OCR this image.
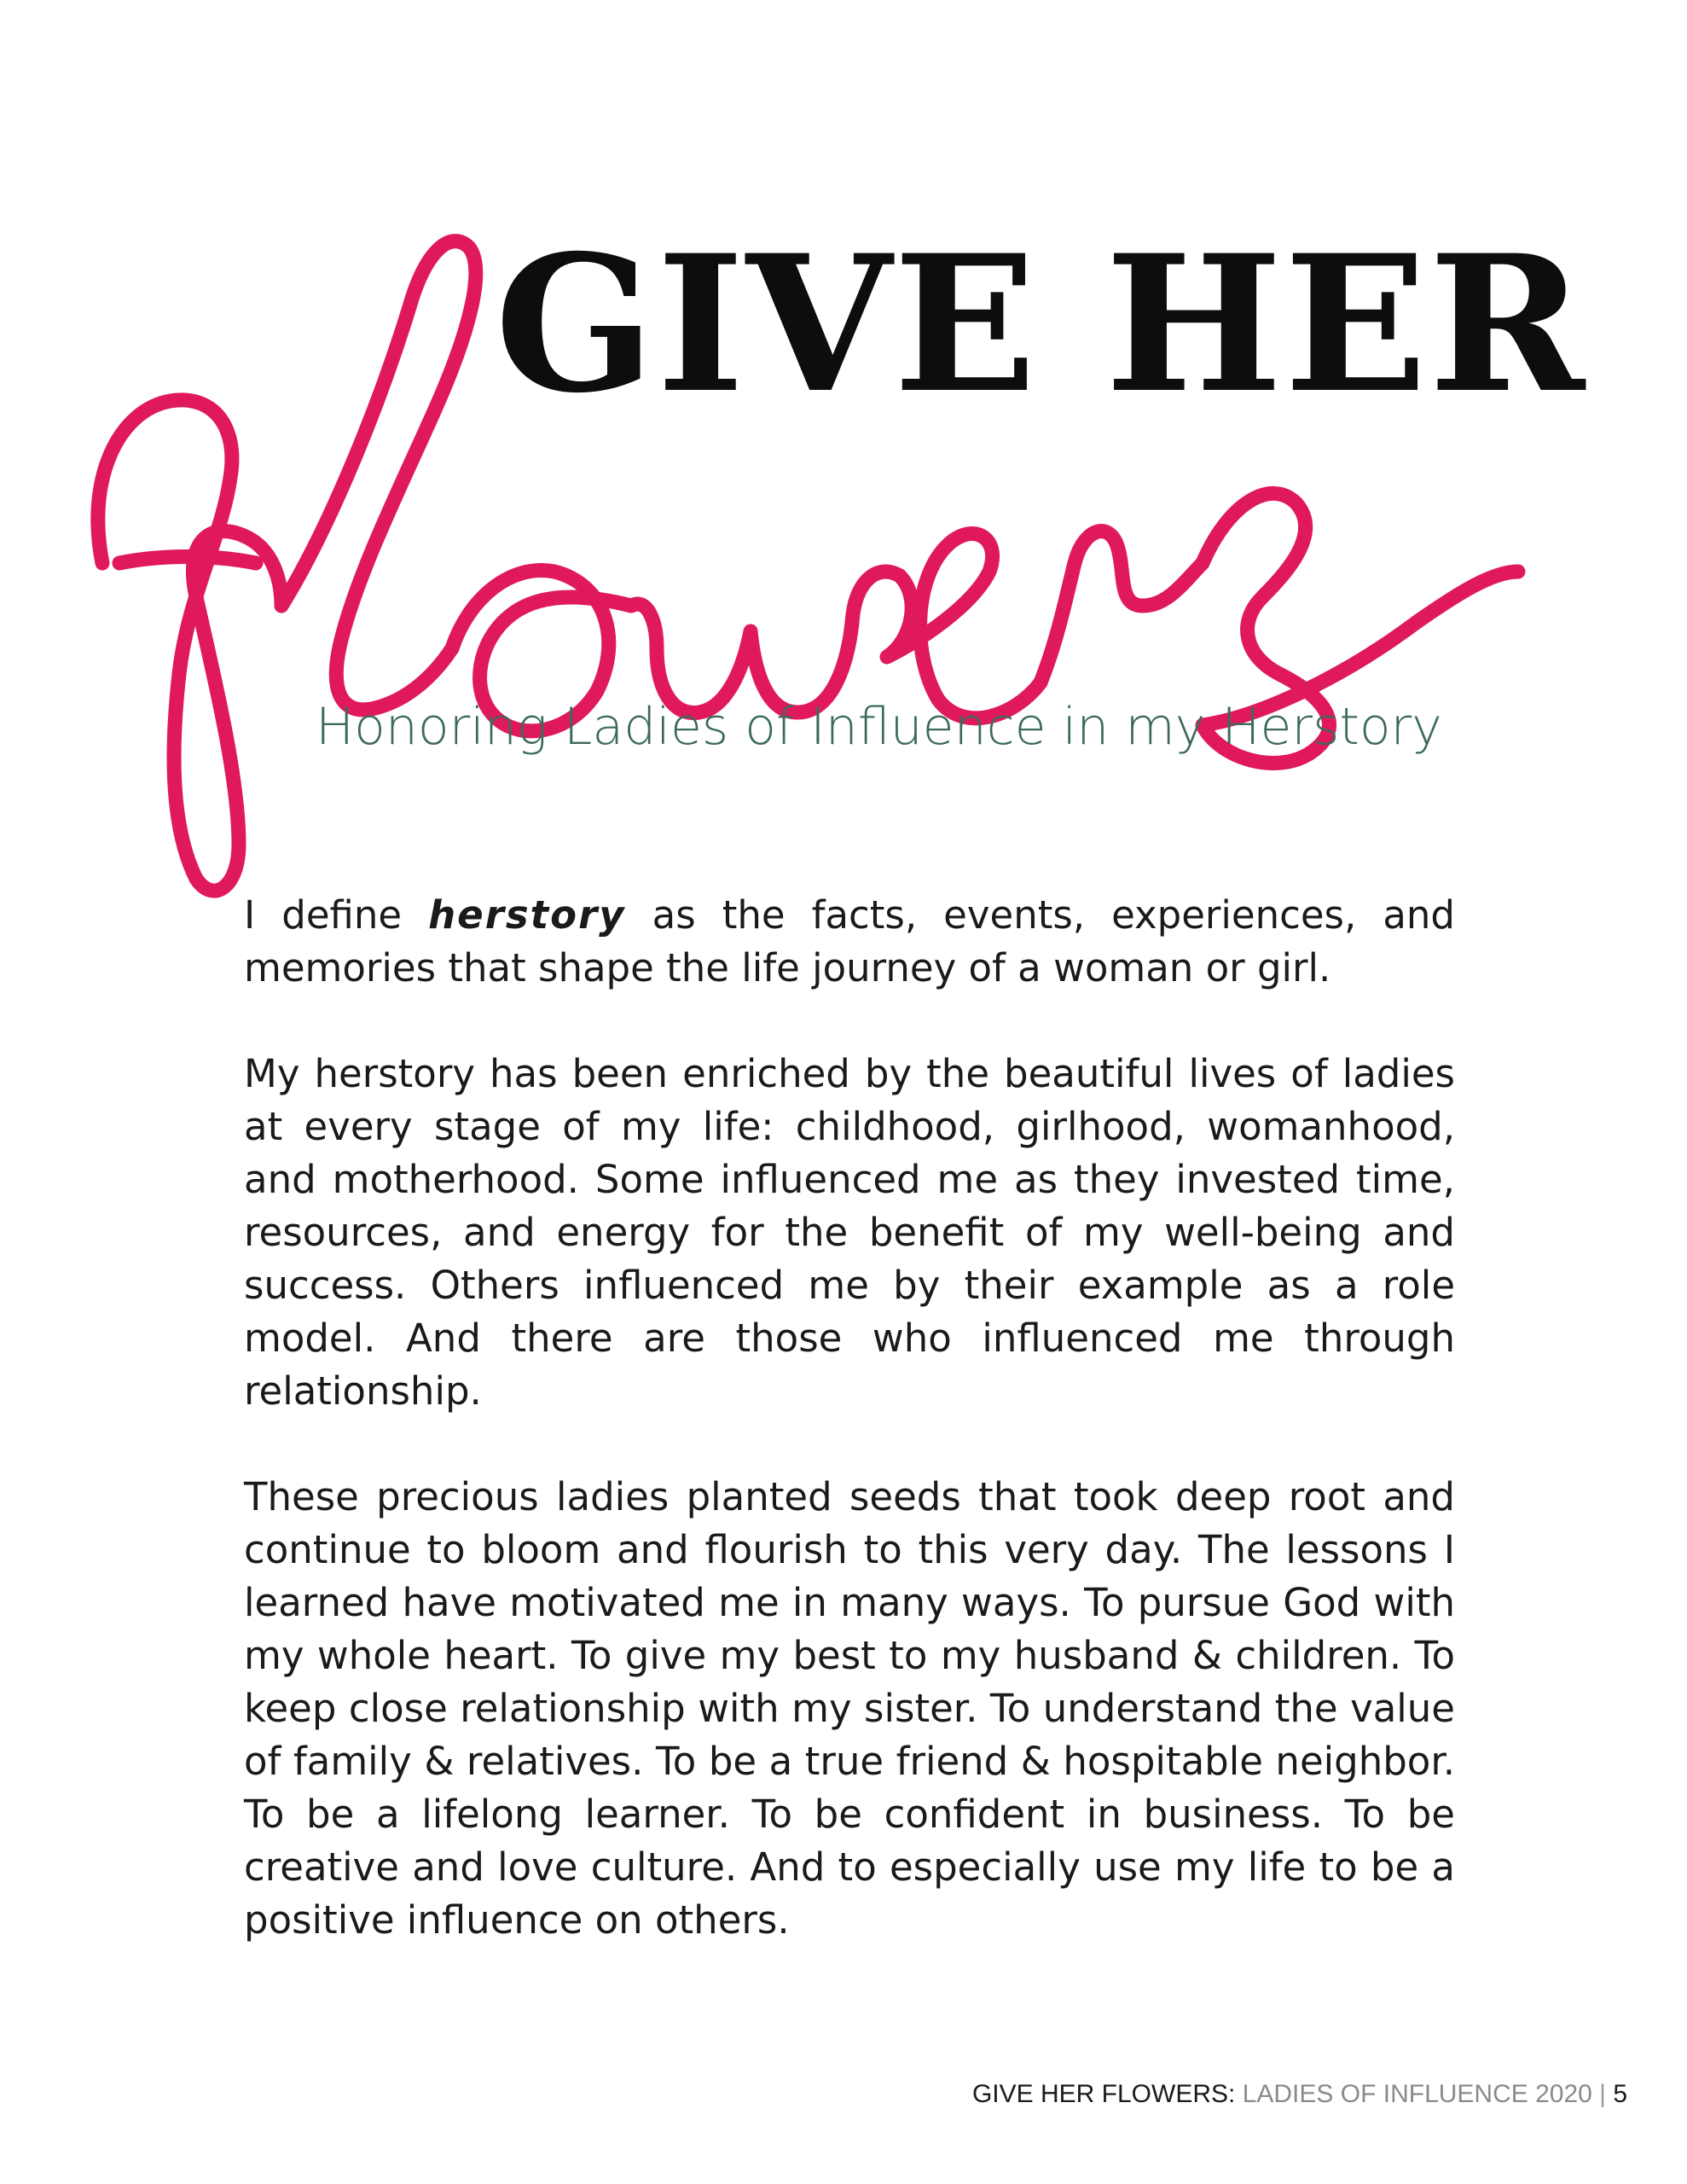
GIVE HER
Honoring Ladies of Influence in my Herstory

I define herstory as the facts, events, experiences, and memories that shape the life journey of a woman or girl.

My herstory has been enriched by the beautiful lives of ladies at every stage of my life: childhood, girlhood, womanhood, and motherhood. Some influenced me as they invested time, resources, and energy for the benefit of my well-being and success. Others influenced me by their example as a role model. And there are those who influenced me through relationship.

These precious ladies planted seeds that took deep root and continue to bloom and flourish to this very day. The lessons I learned have motivated me in many ways. To pursue God with my whole heart. To give my best to my husband & children. To keep close relationship with my sister. To understand the value of family & relatives. To be a true friend & hospitable neighbor. To be a lifelong learner. To be confident in business. To be creative and love culture. And to especially use my life to be a positive influence on others.

GIVE HER FLOWERS: LADIES OF INFLUENCE 2020 | 5
